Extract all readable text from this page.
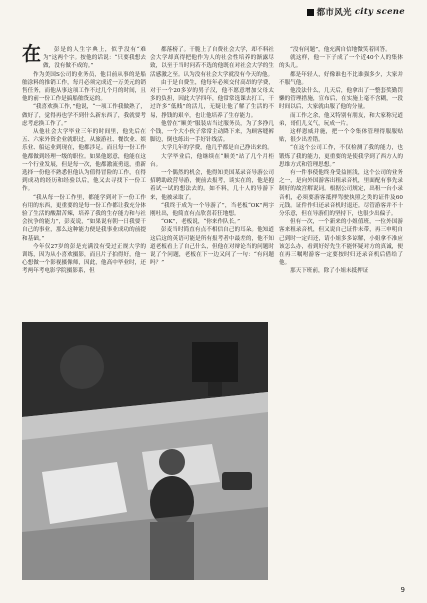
都市风光 city scene

在 彭是的人生字典上，似乎没有“难为”这两个字。按他的话说：“只要我想去做，没有做不成的。”

作为美国S公司的业务员，他目前从事的是船舶涂料的推销工作，每月必须完成近一万美元的销售任务，而他从事这项工作不过几个月的时间，且他的前一份工作是搞船舶货运的。

“我喜欢换工作，”他说，“一项工作我做熟了，做好了，觉得再也学不到什么新东西了，我就要考虑考虑换工作了。”

从他社会大学毕业三年的时间里，他先后在五、六家外资企业就职过，从旅游社、餐饮业、娱乐业、船运业到现在，他都涉足。而且每一份工作他都做到经理一级的职位。如果他愿意，他能在这一个行业发展，但是每一次，他都激流勇退，重新选择一份他不熟悉但他认为值得冒险的工作，在得到成功的经历和经验以后，他又去寻找下一份工作。

“我从每一份工作里，都能学到对下一份工作有用的东西，更重要的是每一份工作都让我充分体验了生活的酸甜苦辣，培养了我的生存能力和与社会抗争的能力”，彭麦说，“如果说有朝一日我要干自己的事业，那么这种能力便是我事业成功的前提和基础。”

今年仅27岁的彭是充满没有受过正规大学的训练，因为从小喜欢摄影，而且片子拍得好，他一心想做一个影视摄像师，因此，他高中毕业时，还考两年考电影学院摄影系，但

都落榜了。干脆上了自费社会大学，却不料社会大学却真得把他作为人的社会性培养的渐露尽致，以至于当时问若不选的他既在对社会大学的生活感激之至。认为没有社会大学就没有今天的他。

由于是自费生，他每年必须交付高昂的学费，对于一个20多岁的男子汉，他不愿意增加父母太多的负担，因此大学四年，他常常选课去打工，干过许多“低贱”的活儿，无疑让他了解了生活的不易，挣钱的艰辛，也让他培养了生存能力。

他曾在“顺美”服装店当过服务员，为了多挣几个钱，一个大小伙子常常主动降下来，为顾客缝裤脚边，倒也练出一手好针线活。

大学几年的学费，他几乎都是自己挣出来的。

大学毕业后，他继续在“顺美”站了几个月柜台。

一个偶然的机会，他得知美国某录音导游公司招聘助政营导游，便前去报考，谈实在的，他是抱着试一试的想法去的。如不料，几十人的导游下来，他被录取了。

“我终于成为一个导游了”，当老板“OK”两字刚吐出，他简直有点欣喜若狂地想。

“OK”，老板说，“你来作队长。”

彭麦当时简直有点不相信自己的耳朵。他知道这后这的英语可能是所有报考者中最差的，他不知道老板看上了自己什么，但他在对辩论当的问题时说了个问题，老板在下一边又问了一句：“有问题吗？”

“没有问题”，他充满自信地微笑着回答。

就这样，他一下子成了一个近40个人的集体的头儿。

都是年轻人，好像谁也不比谁强多少，大家并不服气他。

他没法什么，几天后，他拿出了一整套奖勤罚懒的管理措施，宣布后，在实施上毫不含糊，一段时间以后，大家就由服了他的分量。

而工作之余，他又特别有朋友，和大家称兄道弟，哥们儿义气，玩成一片。

这样恩威并施，把一个令集体管理得服服贴贴，很少出差错。

“在这个公司工作，不仅检测了我的能力，也锻炼了我的能力，更重要的是使我学到了西方人的思维方式和管理思想。”

有一件事使他终身受益匪浅，这个公司的业务之一，是向外国游客出租录音机，里面配有事先录制好的故宫解说词。根据公司规定，出租一台小录音机，必须要游客抵押驾驶执照之类的证件及60元钱。证件作归还录音机时退还。尽管游客并不十分乐意，但在导游们的坚持下，也很少出偏子。

但有一次，一个新来的小姐值班，一位外国游客来租录音机，但又说自己证件未带，再三申明自己到时一定归还，请小姐多多谅解，小姐拿不准应该怎么办，看到好好先生不能怀疑对方的真诚，便在再三嘱咐游客一定要按时归还录音机后借给了他。

那天下班前，除了小姐未抵押证

9
